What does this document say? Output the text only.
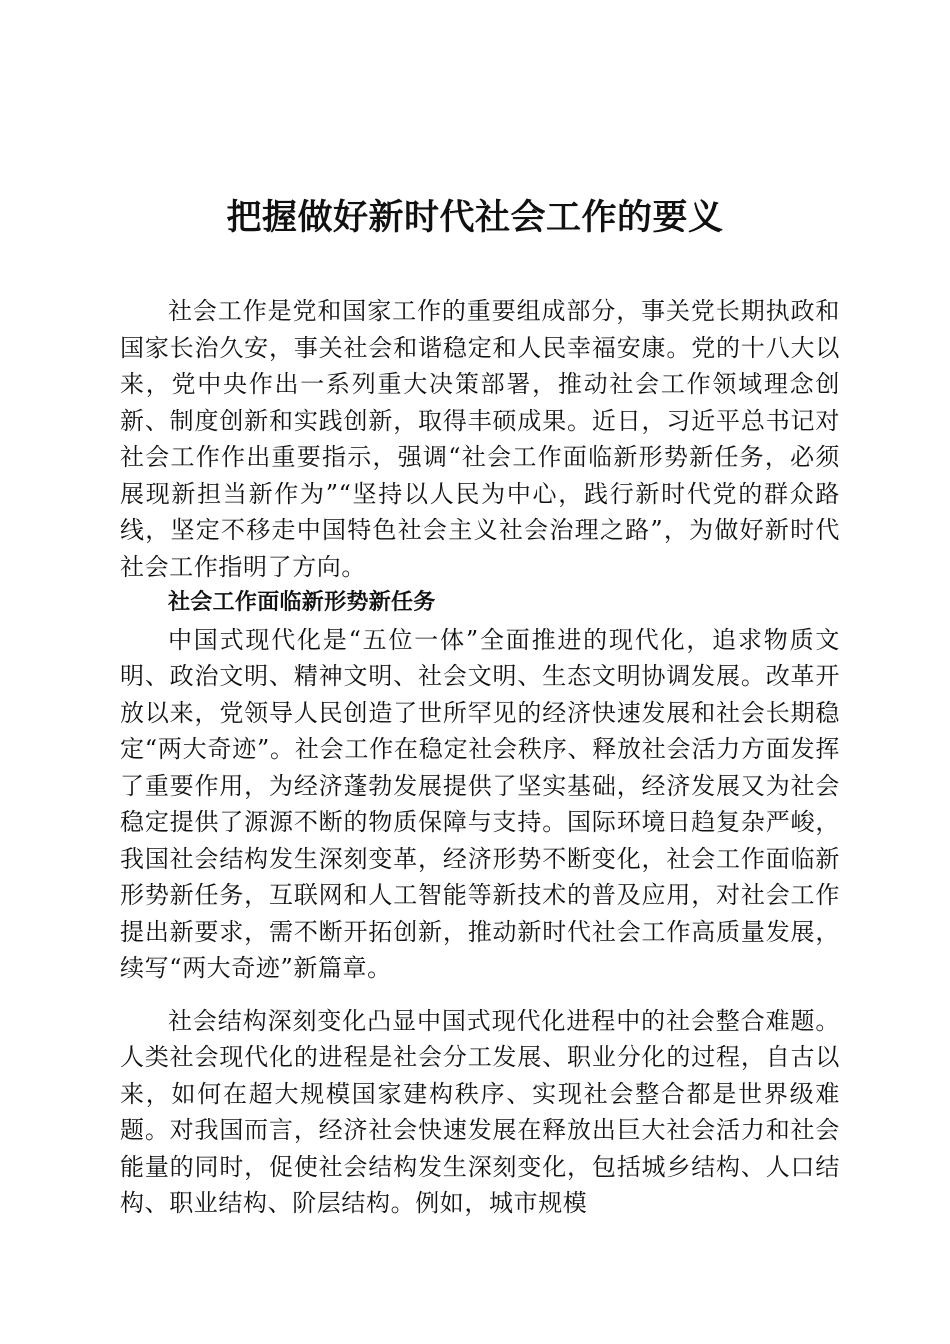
把握做好新时代社会工作的要义

社会工作是党和国家工作的重要组成部分，事关党长期执政和国家长治久安，事关社会和谐稳定和人民幸福安康。党的十八大以来，党中央作出一系列重大决策部署，推动社会工作领域理念创新、制度创新和实践创新，取得丰硕成果。近日，习近平总书记对社会工作作出重要指示，强调“社会工作面临新形势新任务，必须展现新担当新作为”“坚持以人民为中心，践行新时代党的群众路线，坚定不移走中国特色社会主义社会治理之路”，为做好新时代社会工作指明了方向。

社会工作面临新形势新任务

中国式现代化是“五位一体”全面推进的现代化，追求物质文明、政治文明、精神文明、社会文明、生态文明协调发展。改革开放以来，党领导人民创造了世所罕见的经济快速发展和社会长期稳定“两大奇迹”。社会工作在稳定社会秩序、释放社会活力方面发挥了重要作用，为经济蓬勃发展提供了坚实基础，经济发展又为社会稳定提供了源源不断的物质保障与支持。国际环境日趋复杂严峻，我国社会结构发生深刻变革，经济形势不断变化，社会工作面临新形势新任务，互联网和人工智能等新技术的普及应用，对社会工作提出新要求，需不断开拓创新，推动新时代社会工作高质量发展，续写“两大奇迹”新篇章。

社会结构深刻变化凸显中国式现代化进程中的社会整合难题。人类社会现代化的进程是社会分工发展、职业分化的过程，自古以来，如何在超大规模国家建构秩序、实现社会整合都是世界级难题。对我国而言，经济社会快速发展在释放出巨大社会活力和社会能量的同时，促使社会结构发生深刻变化，包括城乡结构、人口结构、职业结构、阶层结构。例如，城市规模
